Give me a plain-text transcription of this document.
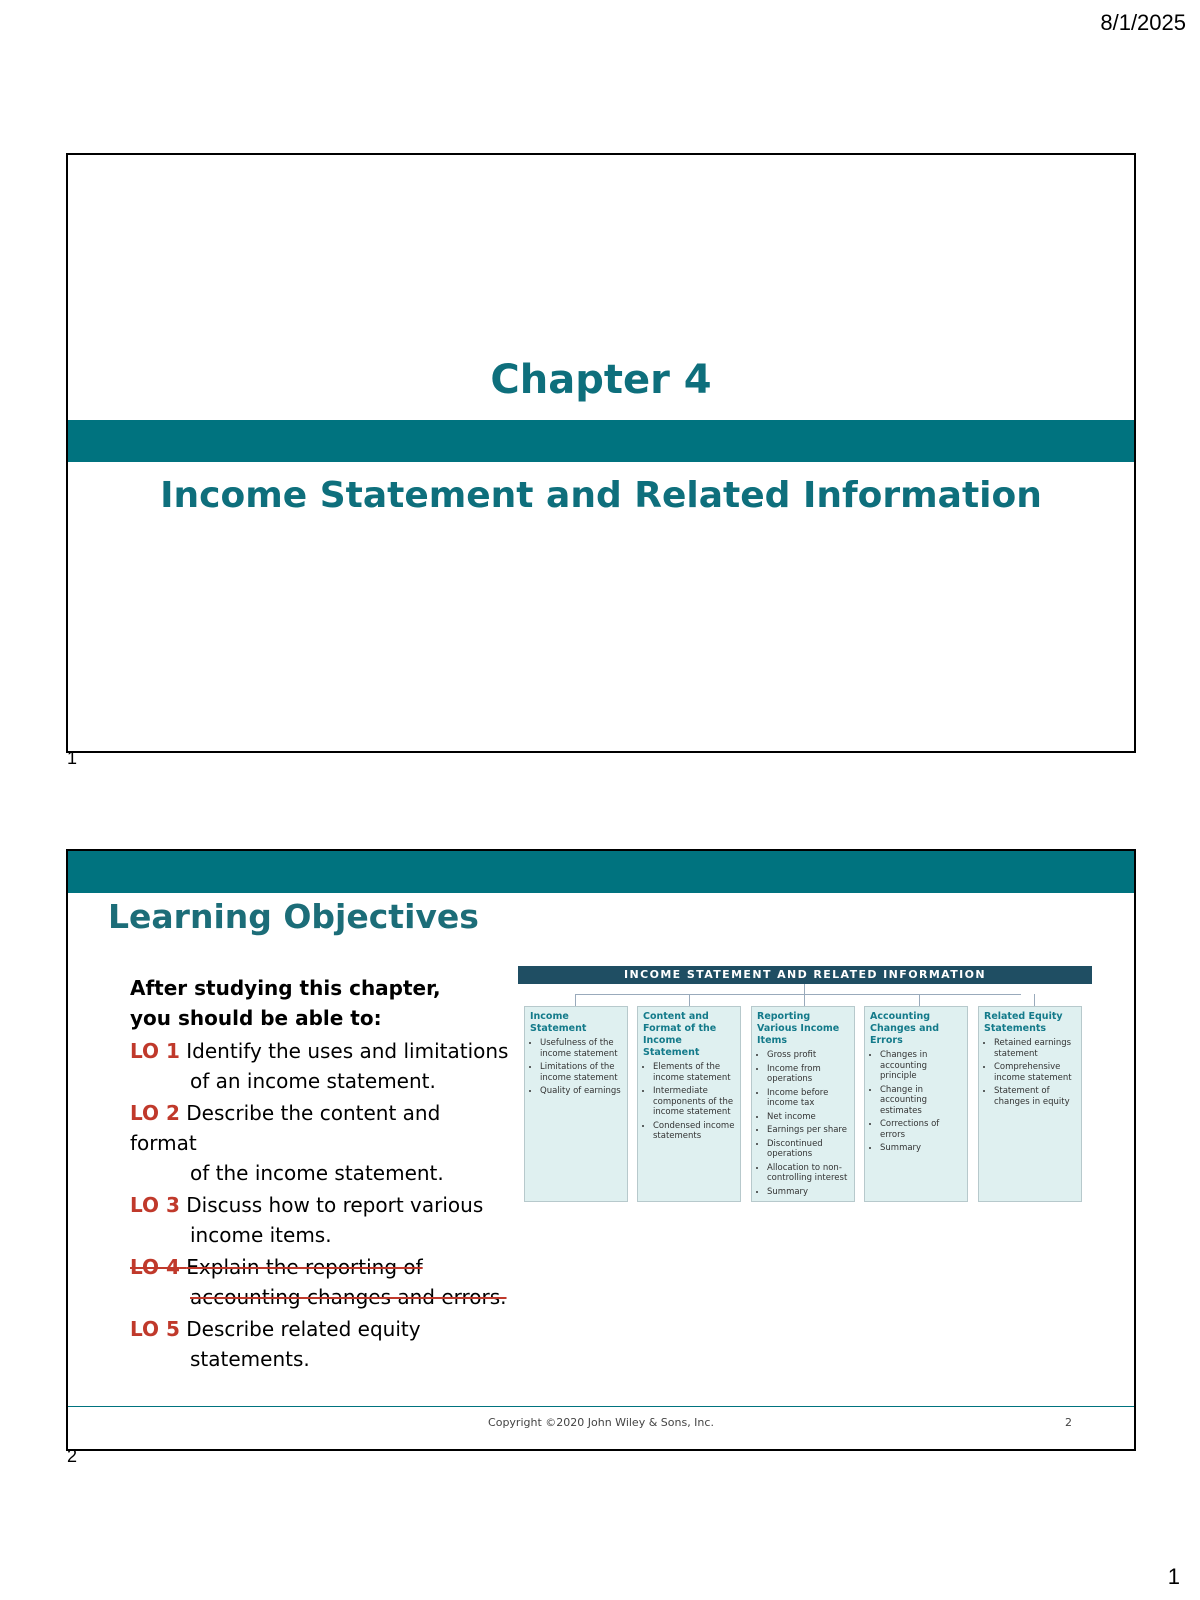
8/1/2025
Chapter 4
Income Statement and Related Information
1
Learning Objectives
After studying this chapter, you should be able to:
LO 1 Identify the uses and limitations
of an income statement.
LO 2 Describe the content and format
of the income statement.
LO 3 Discuss how to report various
income items.
LO 4 Explain the reporting of
accounting changes and errors.
LO 5 Describe related equity
statements.
INCOME STATEMENT AND RELATED INFORMATION
Income Statement
• Usefulness of the income statement
• Limitations of the income statement
• Quality of earnings
Content and Format of the Income Statement
• Elements of the income statement
• Intermediate components of the income statement
• Condensed income statements
Reporting Various Income Items
• Gross profit
• Income from operations
• Income before income tax
• Net income
• Earnings per share
• Discontinued operations
• Allocation to non-controlling interest
• Summary
Accounting Changes and Errors
• Changes in accounting principle
• Change in accounting estimates
• Corrections of errors
• Summary
Related Equity Statements
• Retained earnings statement
• Comprehensive income statement
• Statement of changes in equity
Copyright ©2020 John Wiley & Sons, Inc.	2
2
1
